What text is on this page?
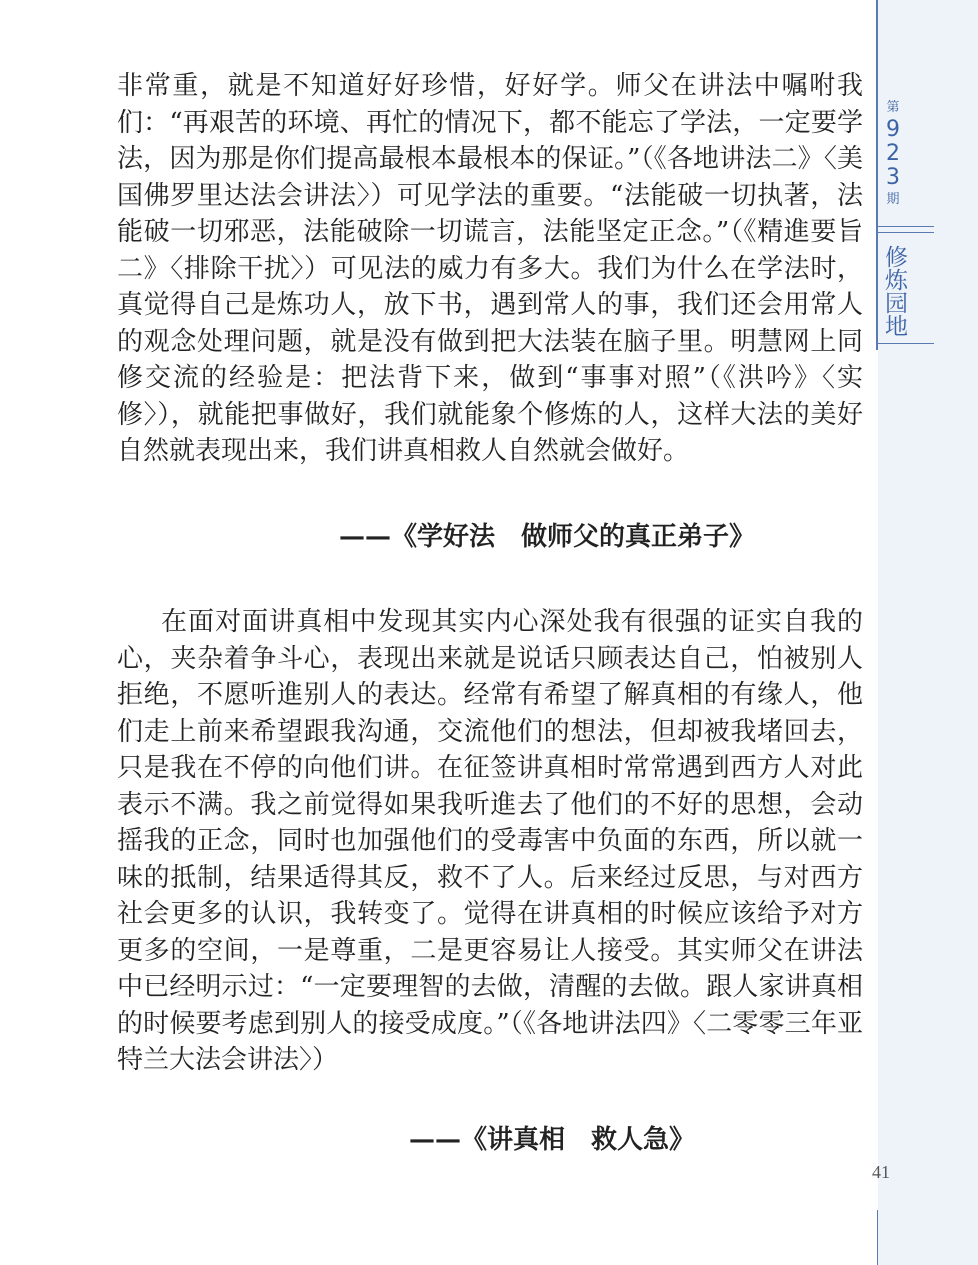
第
9
2
3
期
修炼园地

非常重，就是不知道好好珍惜，好好学。师父在讲法中嘱咐我们：“再艰苦的环境、再忙的情况下，都不能忘了学法，一定要学法，因为那是你们提高最根本最根本的保证。”（《各地讲法二》〈美国佛罗里达法会讲法〉）可见学法的重要。“法能破一切执著，法能破一切邪恶，法能破除一切谎言，法能坚定正念。”（《精進要旨二》〈排除干扰〉）可见法的威力有多大。我们为什么在学法时，真觉得自己是炼功人，放下书，遇到常人的事，我们还会用常人的观念处理问题，就是没有做到把大法装在脑子里。明慧网上同修交流的经验是：把法背下来，做到“事事对照”（《洪吟》〈实修〉），就能把事做好，我们就能象个修炼的人，这样大法的美好自然就表现出来，我们讲真相救人自然就会做好。

——《学好法　做师父的真正弟子》

在面对面讲真相中发现其实内心深处我有很强的证实自我的心，夹杂着争斗心，表现出来就是说话只顾表达自己，怕被别人拒绝，不愿听進别人的表达。经常有希望了解真相的有缘人，他们走上前来希望跟我沟通，交流他们的想法，但却被我堵回去，只是我在不停的向他们讲。在征签讲真相时常常遇到西方人对此表示不满。我之前觉得如果我听進去了他们的不好的思想，会动摇我的正念，同时也加强他们的受毒害中负面的东西，所以就一味的抵制，结果适得其反，救不了人。后来经过反思，与对西方社会更多的认识，我转变了。觉得在讲真相的时候应该给予对方更多的空间，一是尊重，二是更容易让人接受。其实师父在讲法中已经明示过：“一定要理智的去做，清醒的去做。跟人家讲真相的时候要考虑到别人的接受成度。”（《各地讲法四》〈二零零三年亚特兰大法会讲法〉）

——《讲真相　救人急》
41
